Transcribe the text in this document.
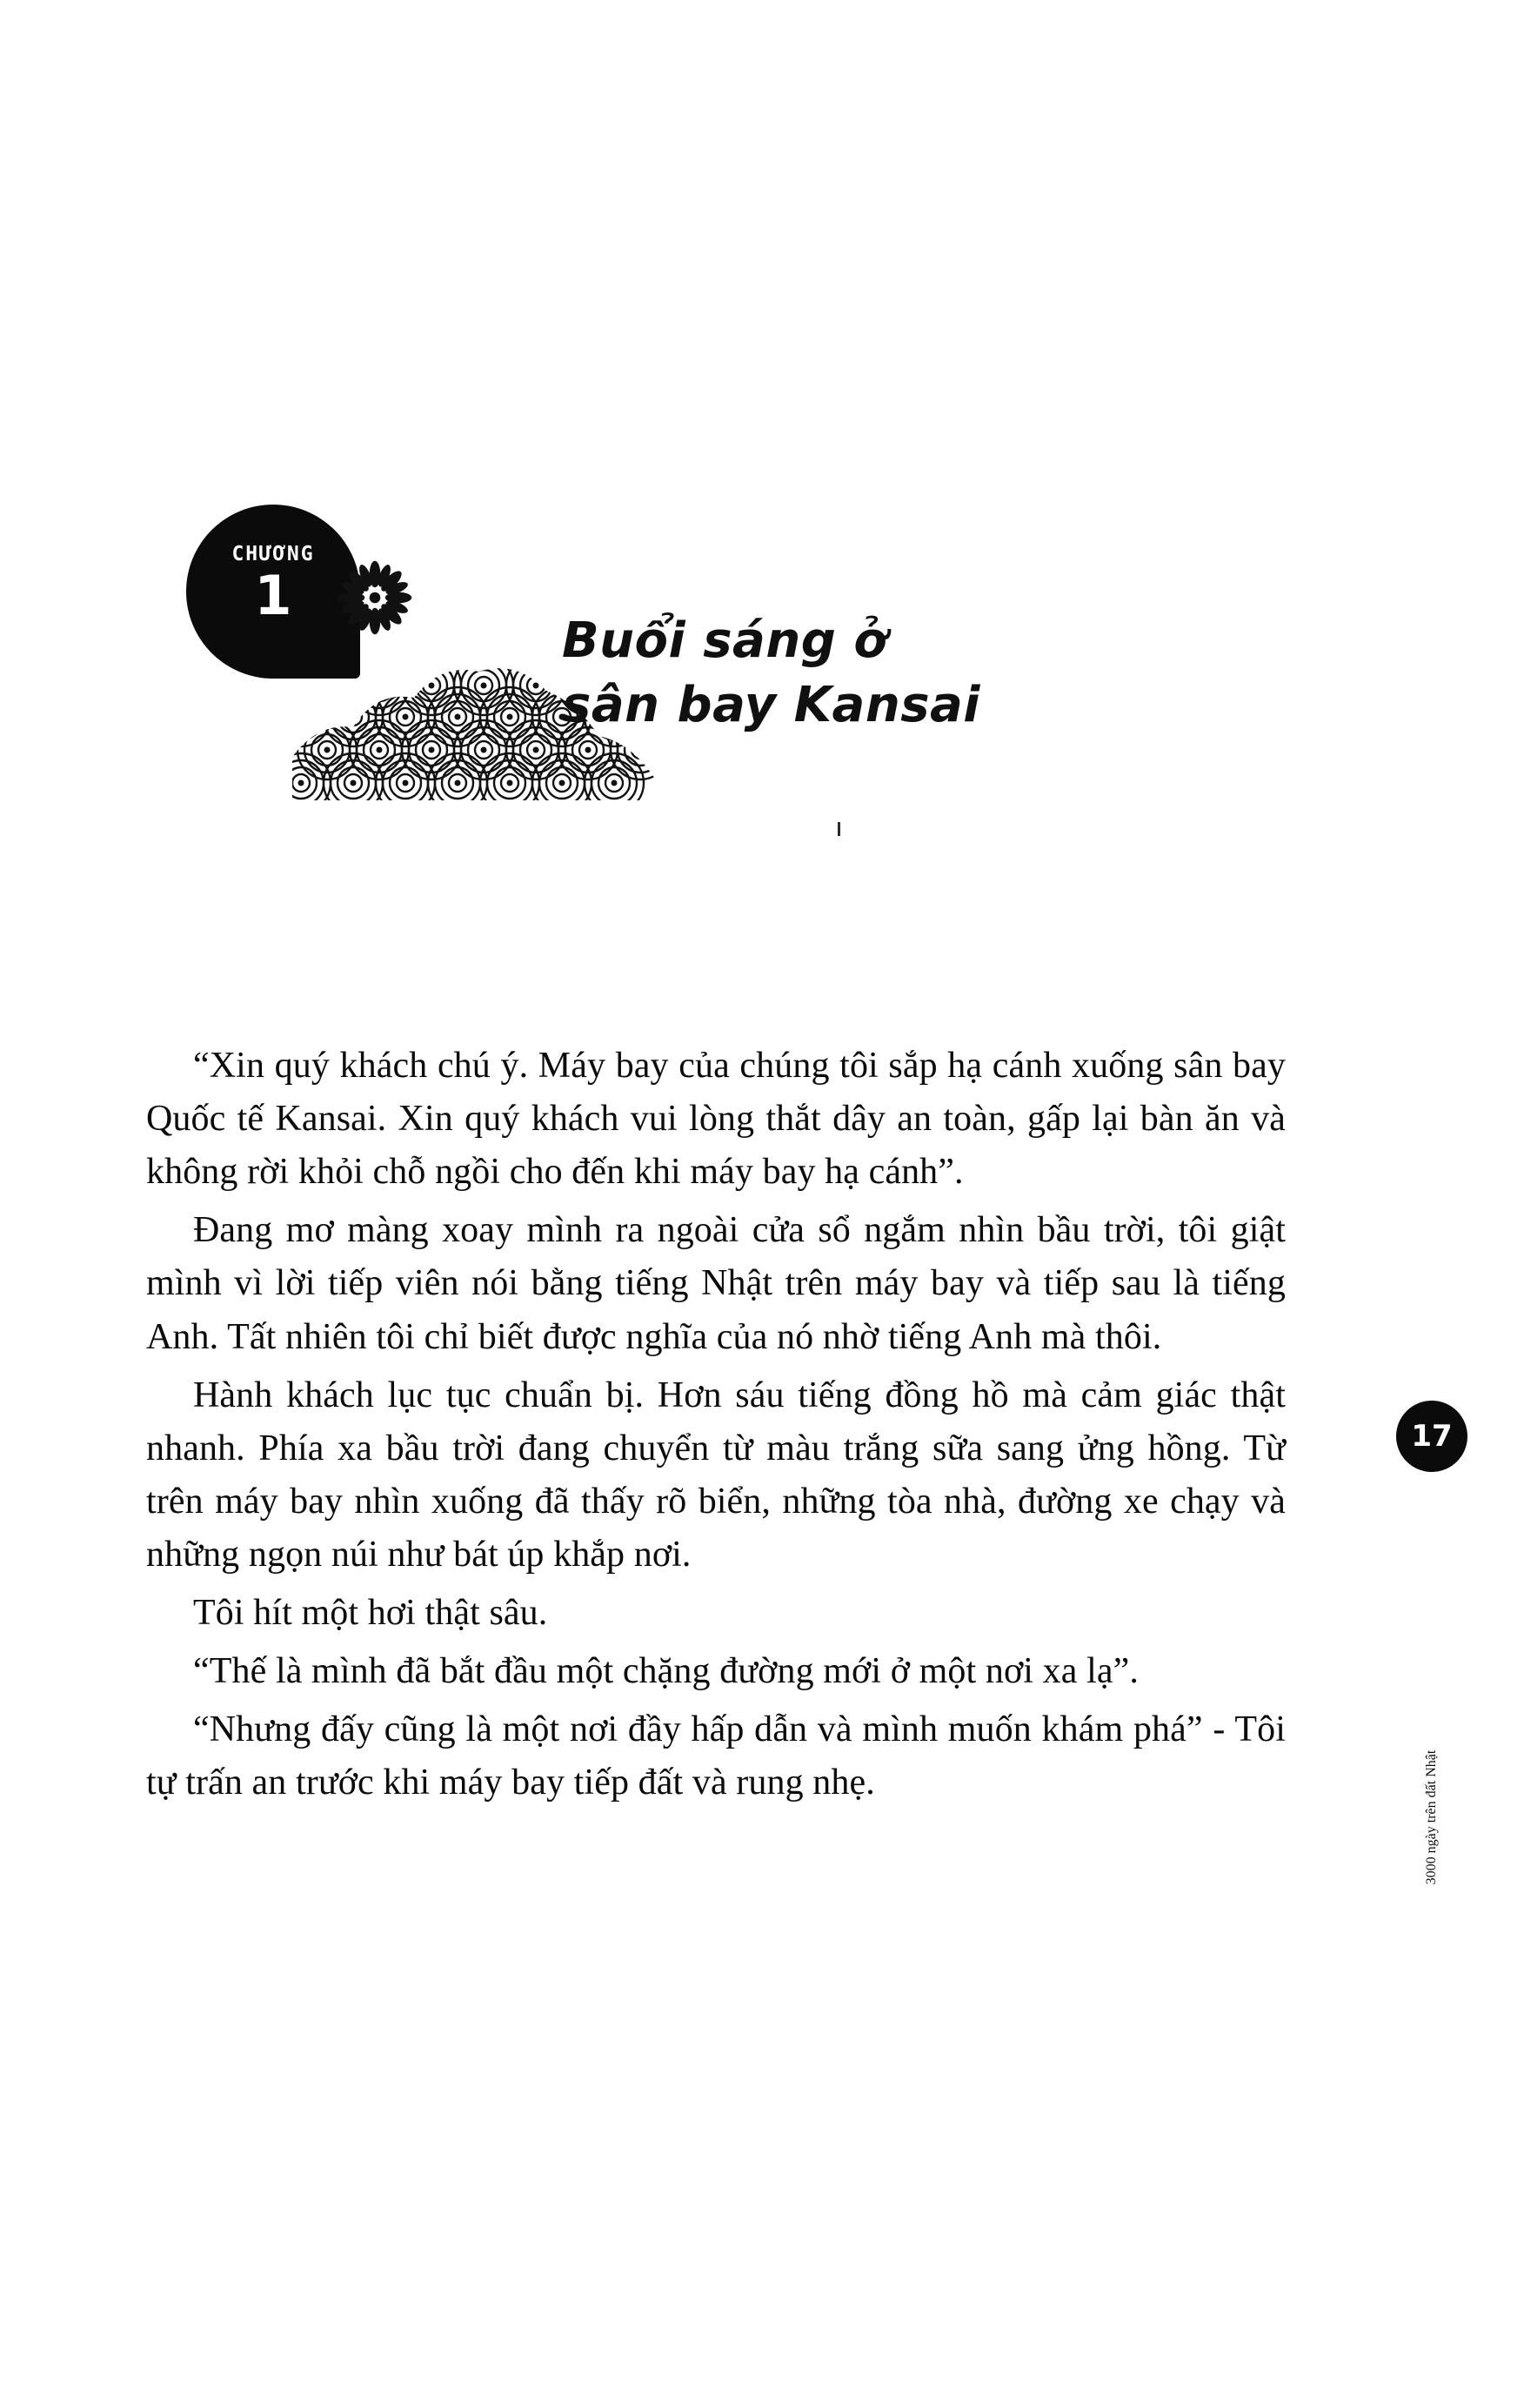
CHƯƠNG
1
Buổi sáng ở
sân bay Kansai

“Xin quý khách chú ý. Máy bay của chúng tôi sắp hạ cánh xuống sân bay Quốc tế Kansai. Xin quý khách vui lòng thắt dây an toàn, gấp lại bàn ăn và không rời khỏi chỗ ngồi cho đến khi máy bay hạ cánh”.

Đang mơ màng xoay mình ra ngoài cửa sổ ngắm nhìn bầu trời, tôi giật mình vì lời tiếp viên nói bằng tiếng Nhật trên máy bay và tiếp sau là tiếng Anh. Tất nhiên tôi chỉ biết được nghĩa của nó nhờ tiếng Anh mà thôi.

Hành khách lục tục chuẩn bị. Hơn sáu tiếng đồng hồ mà cảm giác thật nhanh. Phía xa bầu trời đang chuyển từ màu trắng sữa sang ửng hồng. Từ trên máy bay nhìn xuống đã thấy rõ biển, những tòa nhà, đường xe chạy và những ngọn núi như bát úp khắp nơi.

Tôi hít một hơi thật sâu.

“Thế là mình đã bắt đầu một chặng đường mới ở một nơi xa lạ”.

“Nhưng đấy cũng là một nơi đầy hấp dẫn và mình muốn khám phá” - Tôi tự trấn an trước khi máy bay tiếp đất và rung nhẹ.

17
3000 ngày trên đất Nhật
